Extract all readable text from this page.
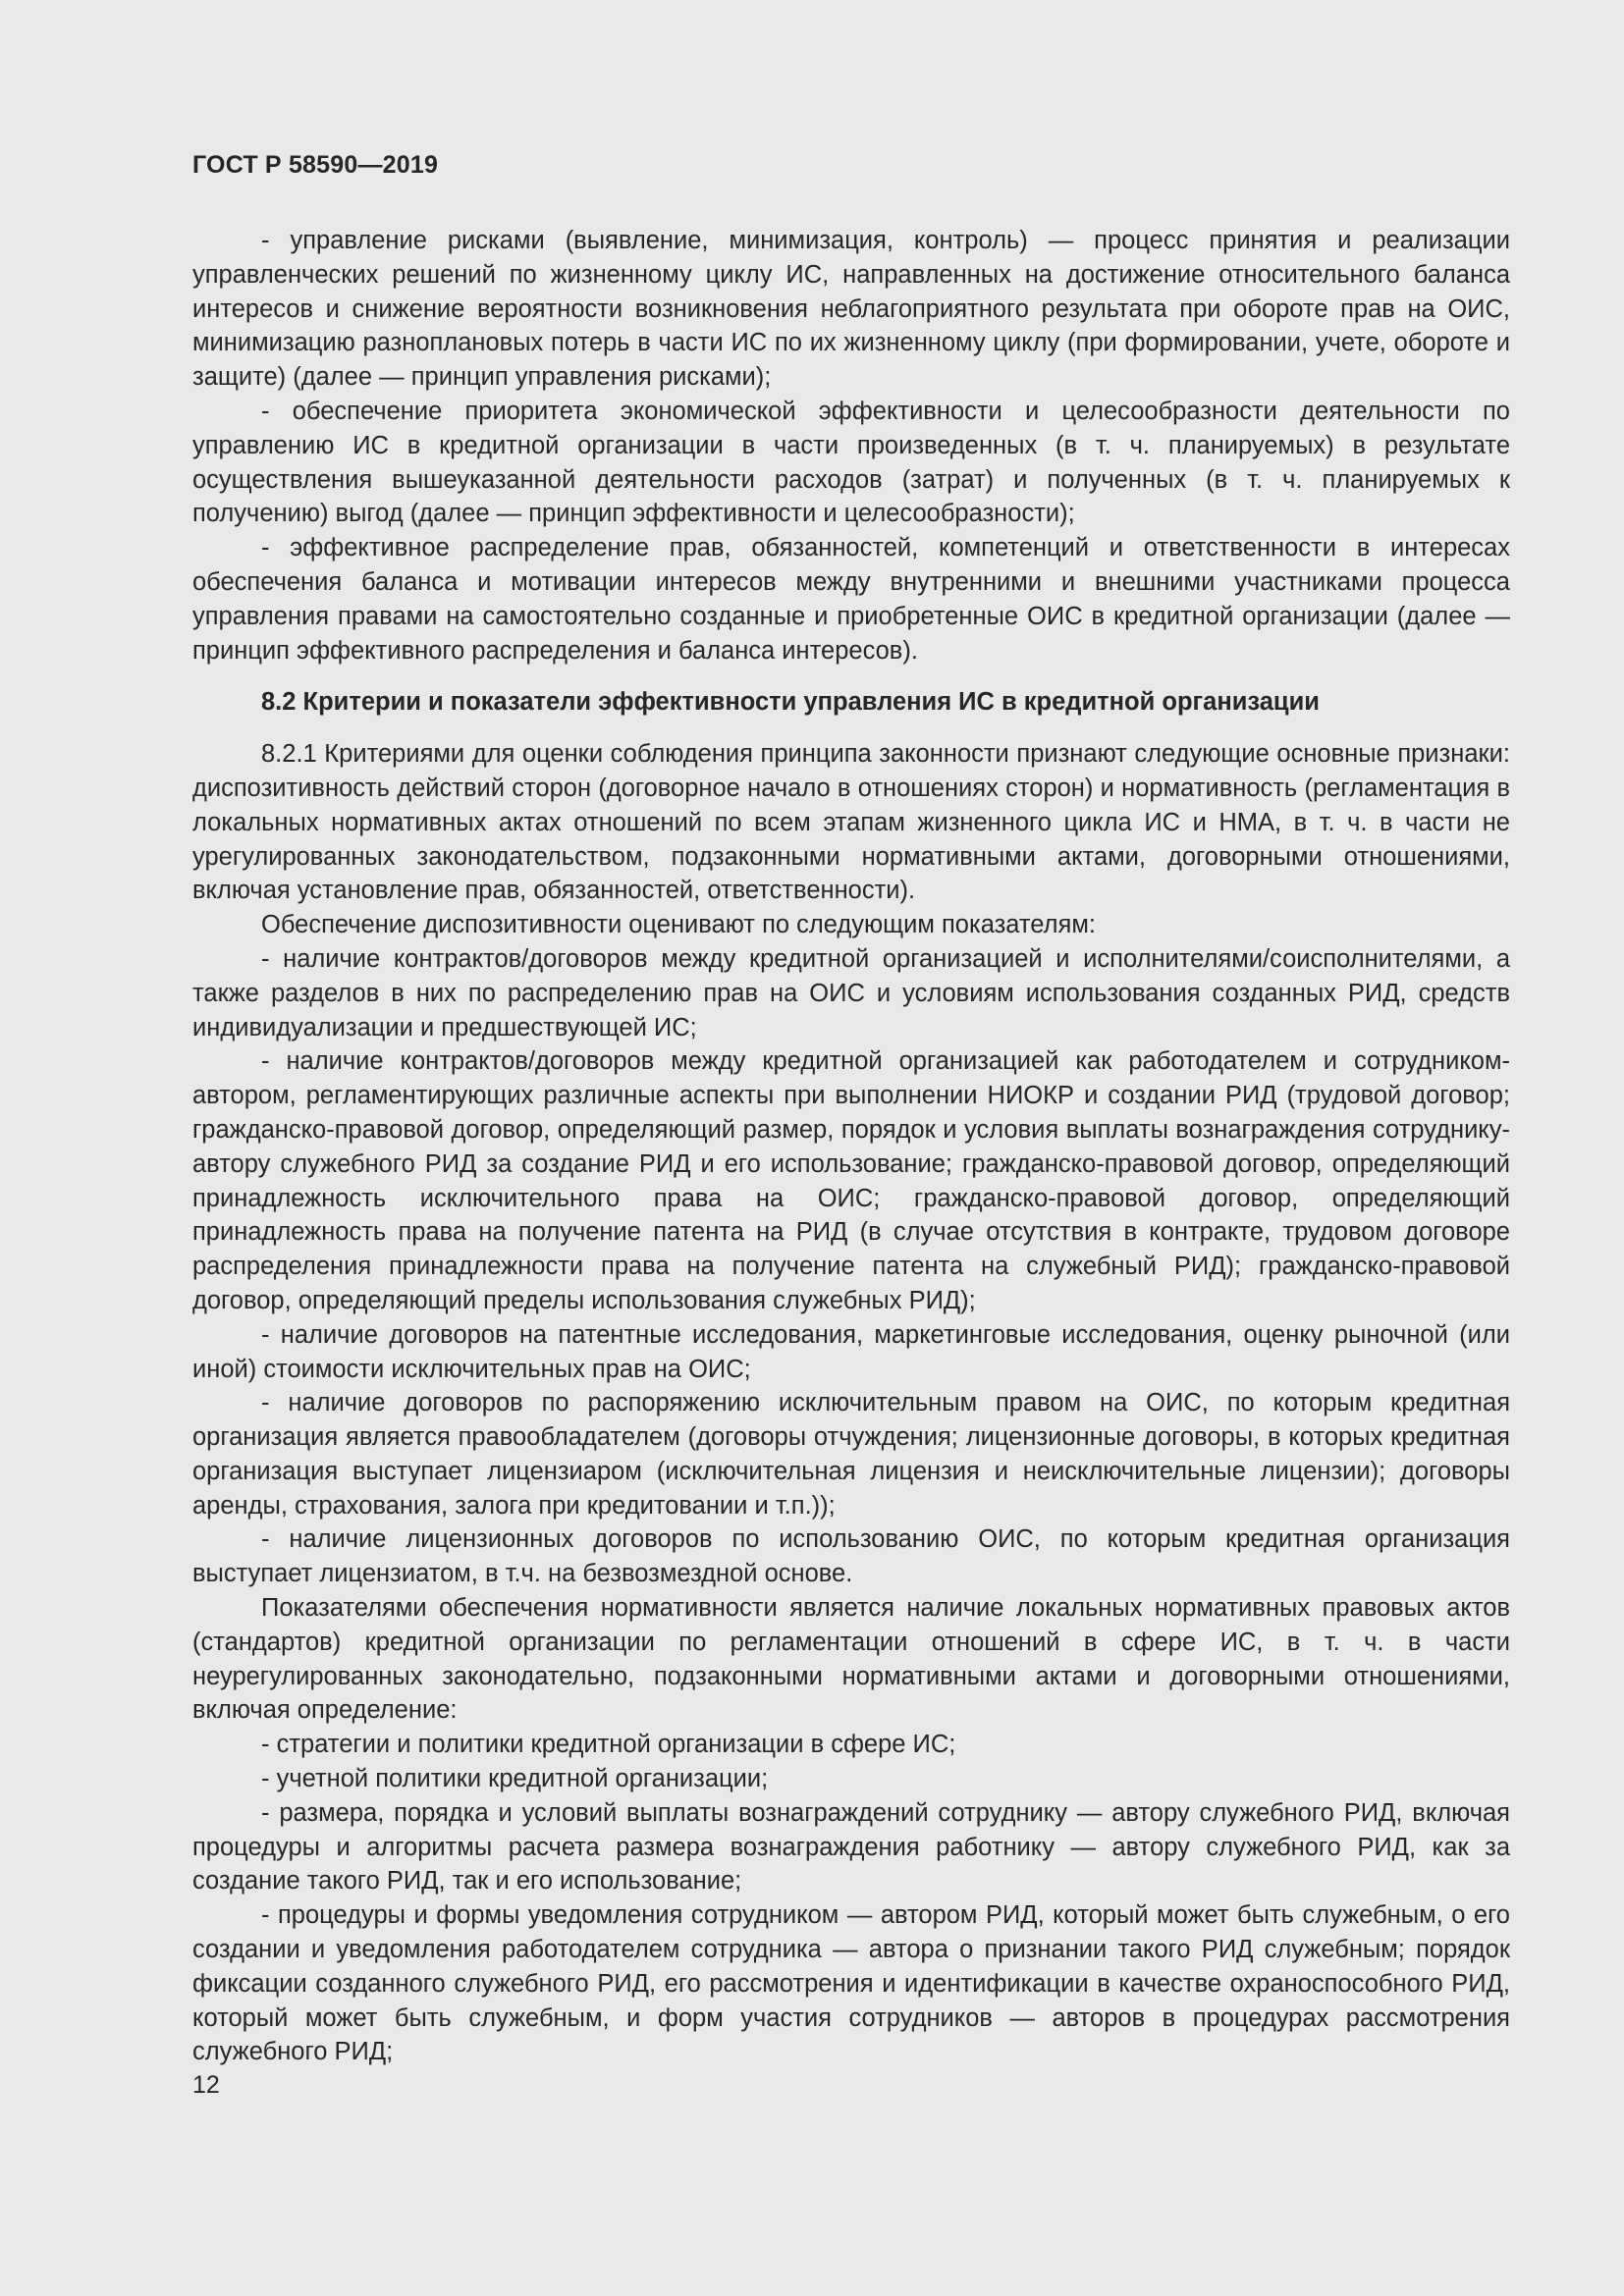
ГОСТ Р 58590—2019

- управление рисками (выявление, минимизация, контроль) — процесс принятия и реализации управленческих решений по жизненному циклу ИС, направленных на достижение относительного баланса интересов и снижение вероятности возникновения неблагоприятного результата при обороте прав на ОИС, минимизацию разноплановых потерь в части ИС по их жизненному циклу (при формировании, учете, обороте и защите) (далее — принцип управления рисками);

- обеспечение приоритета экономической эффективности и целесообразности деятельности по управлению ИС в кредитной организации в части произведенных (в т. ч. планируемых) в результате осуществления вышеуказанной деятельности расходов (затрат) и полученных (в т. ч. планируемых к получению) выгод (далее — принцип эффективности и целесообразности);

- эффективное распределение прав, обязанностей, компетенций и ответственности в интересах обеспечения баланса и мотивации интересов между внутренними и внешними участниками процесса управления правами на самостоятельно созданные и приобретенные ОИС в кредитной организации (далее — принцип эффективного распределения и баланса интересов).

8.2 Критерии и показатели эффективности управления ИС в кредитной организации

8.2.1 Критериями для оценки соблюдения принципа законности признают следующие основные признаки: диспозитивность действий сторон (договорное начало в отношениях сторон) и нормативность (регламентация в локальных нормативных актах отношений по всем этапам жизненного цикла ИС и НМА, в т. ч. в части не урегулированных законодательством, подзаконными нормативными актами, договорными отношениями, включая установление прав, обязанностей, ответственности).

Обеспечение диспозитивности оценивают по следующим показателям:

- наличие контрактов/договоров между кредитной организацией и исполнителями/соисполнителями, а также разделов в них по распределению прав на ОИС и условиям использования созданных РИД, средств индивидуализации и предшествующей ИС;

- наличие контрактов/договоров между кредитной организацией как работодателем и сотрудником-автором, регламентирующих различные аспекты при выполнении НИОКР и создании РИД (трудовой договор; гражданско-правовой договор, определяющий размер, порядок и условия выплаты вознаграждения сотруднику-автору служебного РИД за создание РИД и его использование; гражданско-правовой договор, определяющий принадлежность исключительного права на ОИС; гражданско-правовой договор, определяющий принадлежность права на получение патента на РИД (в случае отсутствия в контракте, трудовом договоре распределения принадлежности права на получение патента на служебный РИД); гражданско-правовой договор, определяющий пределы использования служебных РИД);

- наличие договоров на патентные исследования, маркетинговые исследования, оценку рыночной (или иной) стоимости исключительных прав на ОИС;

- наличие договоров по распоряжению исключительным правом на ОИС, по которым кредитная организация является правообладателем (договоры отчуждения; лицензионные договоры, в которых кредитная организация выступает лицензиаром (исключительная лицензия и неисключительные лицензии); договоры аренды, страхования, залога при кредитовании и т.п.));

- наличие лицензионных договоров по использованию ОИС, по которым кредитная организация выступает лицензиатом, в т.ч. на безвозмездной основе.

Показателями обеспечения нормативности является наличие локальных нормативных правовых актов (стандартов) кредитной организации по регламентации отношений в сфере ИС, в т. ч. в части неурегулированных законодательно, подзаконными нормативными актами и договорными отношениями, включая определение:

- стратегии и политики кредитной организации в сфере ИС;

- учетной политики кредитной организации;

- размера, порядка и условий выплаты вознаграждений сотруднику — автору служебного РИД, включая процедуры и алгоритмы расчета размера вознаграждения работнику — автору служебного РИД, как за создание такого РИД, так и его использование;

- процедуры и формы уведомления сотрудником — автором РИД, который может быть служебным, о его создании и уведомления работодателем сотрудника — автора о признании такого РИД служебным; порядок фиксации созданного служебного РИД, его рассмотрения и идентификации в качестве охраноспособного РИД, который может быть служебным, и форм участия сотрудников — авторов в процедурах рассмотрения служебного РИД;

12
